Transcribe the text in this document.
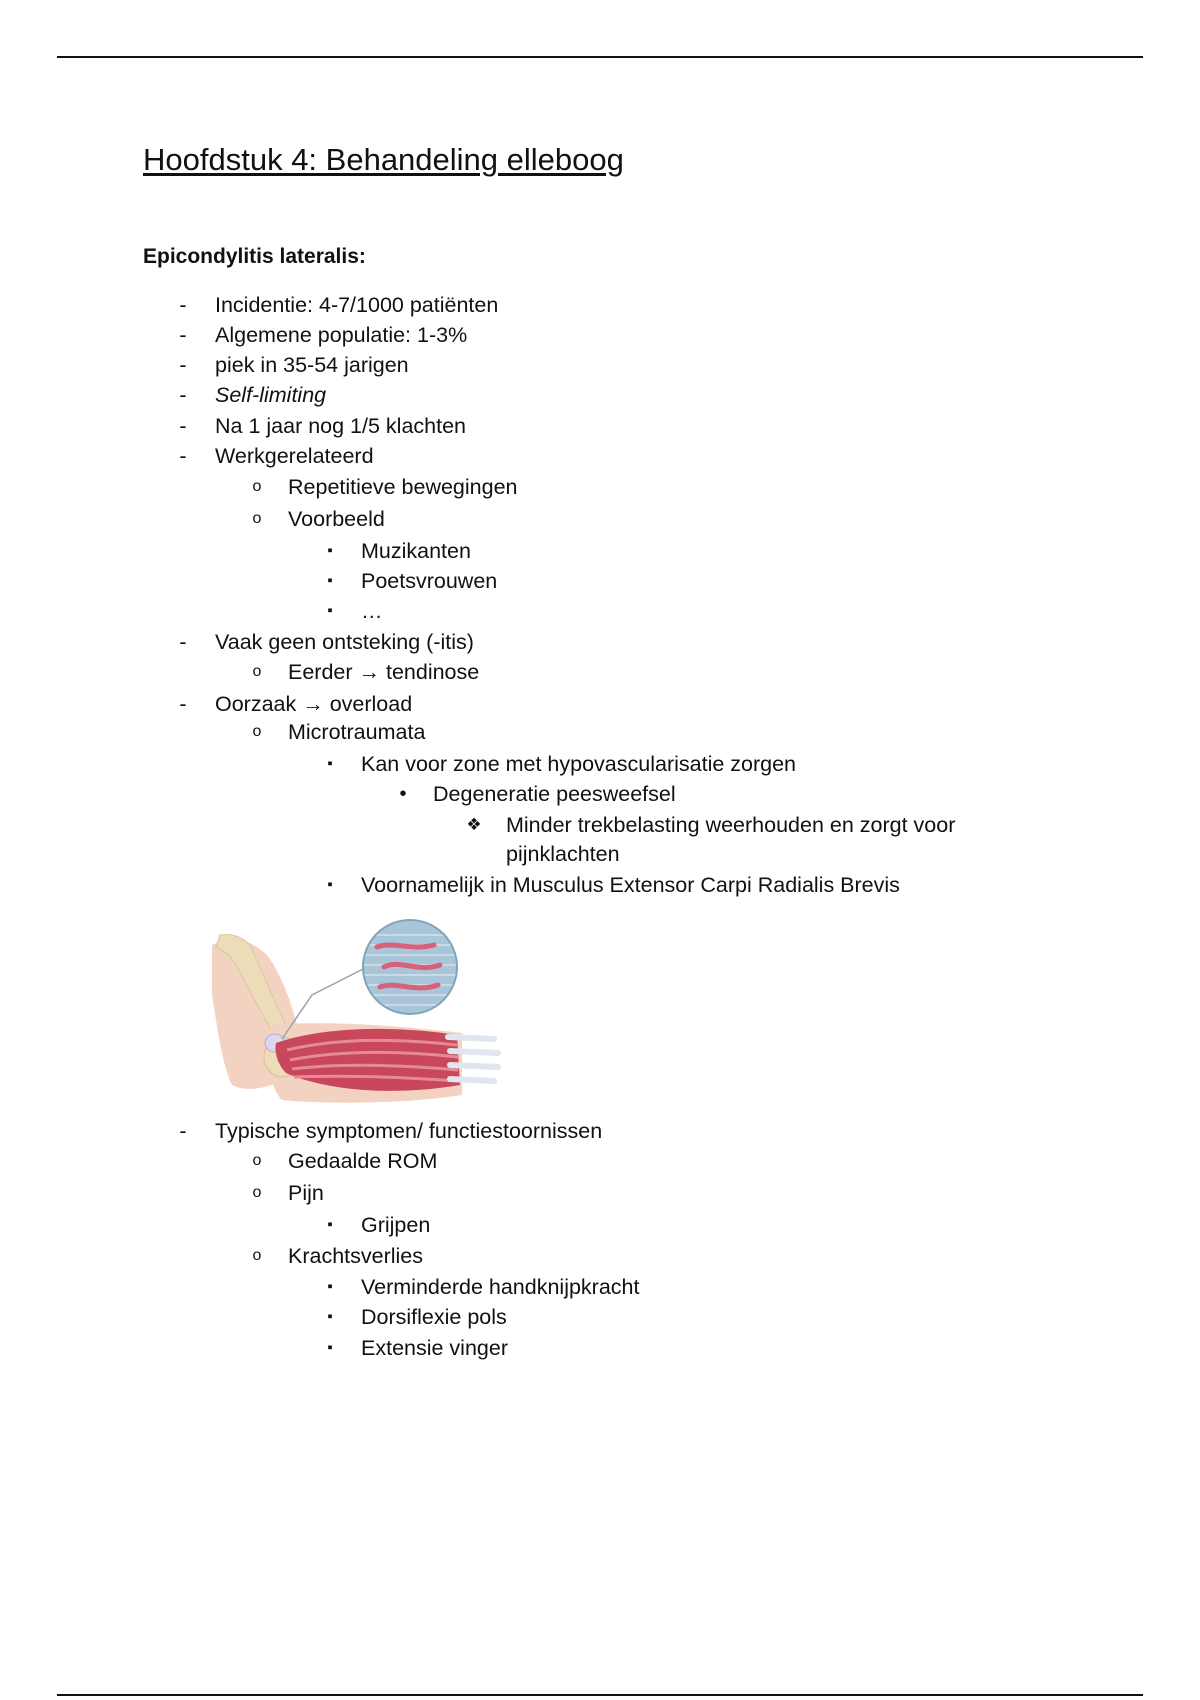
Hoofdstuk 4: Behandeling elleboog
Epicondylitis lateralis:
- Incidentie: 4-7/1000 patiënten
- Algemene populatie: 1-3%
- piek in 35-54 jarigen
- Self-limiting
- Na 1 jaar nog 1/5 klachten
- Werkgerelateerd
o Repetitieve bewegingen
o Voorbeeld
▪	Muzikanten
▪	Poetsvrouwen
▪	…
- Vaak geen ontsteking (-itis)
o Eerder → tendinose
- Oorzaak → overload
o Microtraumata
▪	Kan voor zone met hypovascularisatie zorgen
•	Degeneratie peesweefsel
❖ Minder trekbelasting weerhouden en zorgt voor
pijnklachten
▪	Voornamelijk in Musculus Extensor Carpi Radialis Brevis
- Typische symptomen/ functiestoornissen
o Gedaalde ROM
o Pijn
▪	Grijpen
o Krachtsverlies
▪	Verminderde handknijpkracht
▪	Dorsiflexie pols
▪	Extensie vinger
